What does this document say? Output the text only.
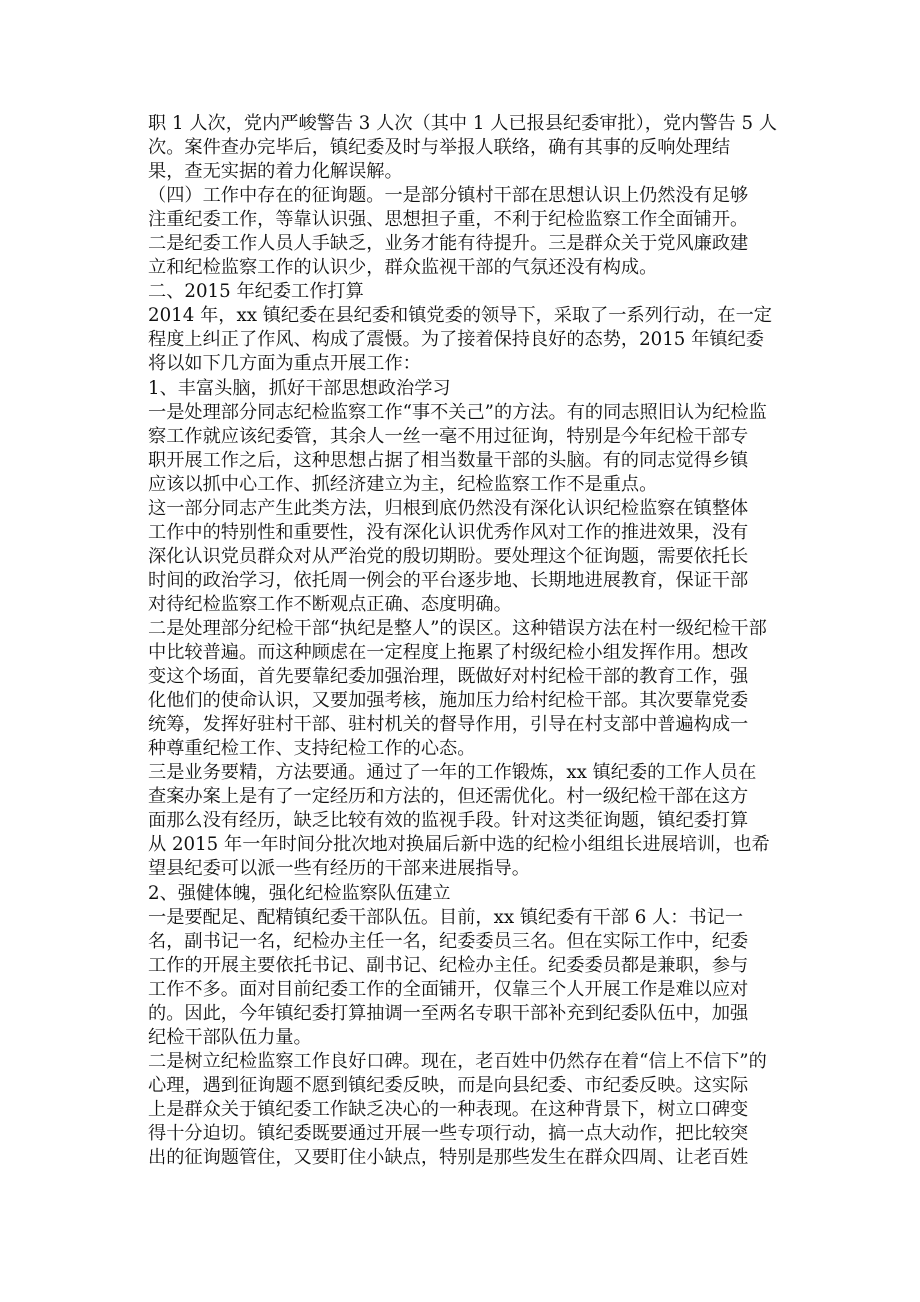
职 1 人次，党内严峻警告 3 人次（其中 1 人已报县纪委审批），党内警告 5 人
次。案件查办完毕后，镇纪委及时与举报人联络，确有其事的反响处理结
果，查无实据的着力化解误解。
（四）工作中存在的征询题。一是部分镇村干部在思想认识上仍然没有足够
注重纪委工作，等靠认识强、思想担子重，不利于纪检监察工作全面铺开。
二是纪委工作人员人手缺乏，业务才能有待提升。三是群众关于党风廉政建
立和纪检监察工作的认识少，群众监视干部的气氛还没有构成。
二、2015 年纪委工作打算
2014 年，xx 镇纪委在县纪委和镇党委的领导下，采取了一系列行动，在一定
程度上纠正了作风、构成了震慑。为了接着保持良好的态势，2015 年镇纪委
将以如下几方面为重点开展工作：
1、丰富头脑，抓好干部思想政治学习
一是处理部分同志纪检监察工作“事不关己”的方法。有的同志照旧认为纪检监
察工作就应该纪委管，其余人一丝一毫不用过征询，特别是今年纪检干部专
职开展工作之后，这种思想占据了相当数量干部的头脑。有的同志觉得乡镇
应该以抓中心工作、抓经济建立为主，纪检监察工作不是重点。
这一部分同志产生此类方法，归根到底仍然没有深化认识纪检监察在镇整体
工作中的特别性和重要性，没有深化认识优秀作风对工作的推进效果，没有
深化认识党员群众对从严治党的殷切期盼。要处理这个征询题，需要依托长
时间的政治学习，依托周一例会的平台逐步地、长期地进展教育，保证干部
对待纪检监察工作不断观点正确、态度明确。
二是处理部分纪检干部“执纪是整人”的误区。这种错误方法在村一级纪检干部
中比较普遍。而这种顾虑在一定程度上拖累了村级纪检小组发挥作用。想改
变这个场面，首先要靠纪委加强治理，既做好对村纪检干部的教育工作，强
化他们的使命认识，又要加强考核，施加压力给村纪检干部。其次要靠党委
统筹，发挥好驻村干部、驻村机关的督导作用，引导在村支部中普遍构成一
种尊重纪检工作、支持纪检工作的心态。
三是业务要精，方法要通。通过了一年的工作锻炼，xx 镇纪委的工作人员在
查案办案上是有了一定经历和方法的，但还需优化。村一级纪检干部在这方
面那么没有经历，缺乏比较有效的监视手段。针对这类征询题，镇纪委打算
从 2015 年一年时间分批次地对换届后新中选的纪检小组组长进展培训，也希
望县纪委可以派一些有经历的干部来进展指导。
2、强健体魄，强化纪检监察队伍建立
一是要配足、配精镇纪委干部队伍。目前，xx 镇纪委有干部 6 人：书记一
名，副书记一名，纪检办主任一名，纪委委员三名。但在实际工作中，纪委
工作的开展主要依托书记、副书记、纪检办主任。纪委委员都是兼职，参与
工作不多。面对目前纪委工作的全面铺开，仅靠三个人开展工作是难以应对
的。因此，今年镇纪委打算抽调一至两名专职干部补充到纪委队伍中，加强
纪检干部队伍力量。
二是树立纪检监察工作良好口碑。现在，老百姓中仍然存在着“信上不信下”的
心理，遇到征询题不愿到镇纪委反映，而是向县纪委、市纪委反映。这实际
上是群众关于镇纪委工作缺乏决心的一种表现。在这种背景下，树立口碑变
得十分迫切。镇纪委既要通过开展一些专项行动，搞一点大动作，把比较突
出的征询题管住，又要盯住小缺点，特别是那些发生在群众四周、让老百姓
